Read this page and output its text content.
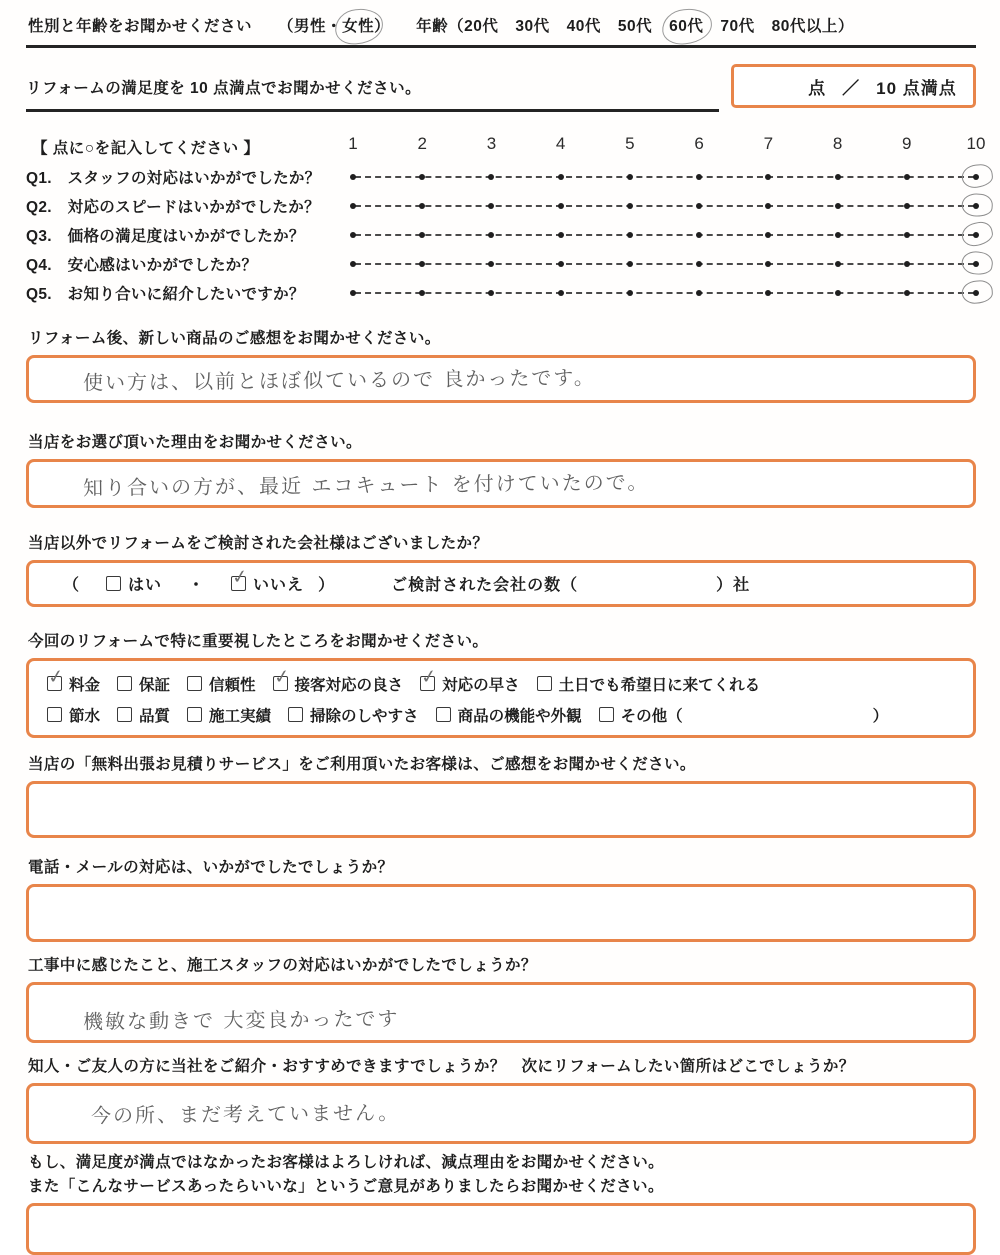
性別と年齢をお聞かせください （男性・女性） 年齢（20代 30代 40代 50代 60代 70代 80代以上）
リフォームの満足度を 10 点満点でお聞かせください。	点 ／ 10 点満点
【 点に○を記入してください 】	1	2	3	4	5	6	7	8	9	10
Q1.　スタッフの対応はいかがでしたか？
Q2.　対応のスピードはいかがでしたか？
Q3.　価格の満足度はいかがでしたか？
Q4.　安心感はいかがでしたか？
Q5.　お知り合いに紹介したいですか？
リフォーム後、新しい商品のご感想をお聞かせください。
使い方は、以前とほぼ似ているので 良かったです。
当店をお選び頂いた理由をお聞かせください。
知り合いの方が、最近 エコキュート を付けていたので。
当店以外でリフォームをご検討された会社様はございましたか？
（	はい ・ ✓ いいえ ）	ご検討された会社の数（	）社
今回のリフォームで特に重要視したところをお聞かせください。
✓ 料金	保証	信頼性 ✓ 接客対応の良さ ✓ 対応の早さ	土日でも希望日に来てくれる
節水	品質	施工実績	掃除のしやすさ	商品の機能や外観	その他（	）
当店の「無料出張お見積りサービス」をご利用頂いたお客様は、ご感想をお聞かせください。
電話・メールの対応は、いかがでしたでしょうか？
工事中に感じたこと、施工スタッフの対応はいかがでしたでしょうか？
機敏な動きで 大変良かったです
知人・ご友人の方に当社をご紹介・おすすめできますでしょうか？　次にリフォームしたい箇所はどこでしょうか？
今の所、まだ考えていません。
もし、満足度が満点ではなかったお客様はよろしければ、減点理由をお聞かせください。
また「こんなサービスあったらいいな」というご意見がありましたらお聞かせください。
